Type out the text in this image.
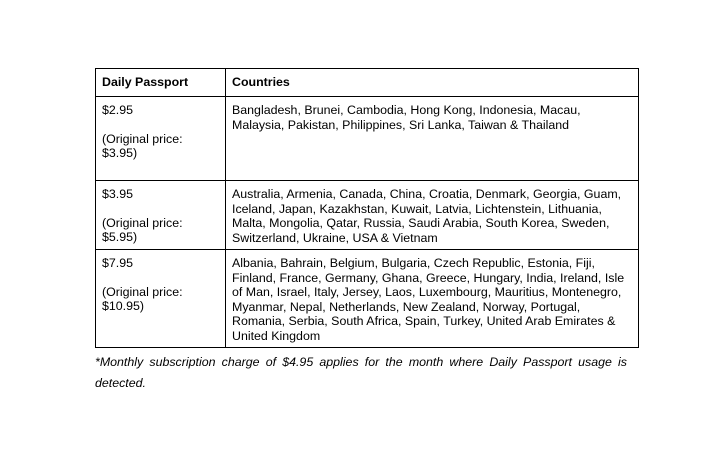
Daily Passport	Countries

$2.95
(Original price: $3.95)	Bangladesh, Brunei, Cambodia, Hong Kong, Indonesia, Macau, Malaysia, Pakistan, Philippines, Sri Lanka, Taiwan & Thailand

$3.95
(Original price: $5.95)	Australia, Armenia, Canada, China, Croatia, Denmark, Georgia, Guam, Iceland, Japan, Kazakhstan, Kuwait, Latvia, Lichtenstein, Lithuania, Malta, Mongolia, Qatar, Russia, Saudi Arabia, South Korea, Sweden, Switzerland, Ukraine, USA & Vietnam

$7.95
(Original price: $10.95)	Albania, Bahrain, Belgium, Bulgaria, Czech Republic, Estonia, Fiji, Finland, France, Germany, Ghana, Greece, Hungary, India, Ireland, Isle of Man, Israel, Italy, Jersey, Laos, Luxembourg, Mauritius, Montenegro, Myanmar, Nepal, Netherlands, New Zealand, Norway, Portugal, Romania, Serbia, South Africa, Spain, Turkey, United Arab Emirates & United Kingdom
*Monthly subscription charge of $4.95 applies for the month where Daily Passport usage is detected.
